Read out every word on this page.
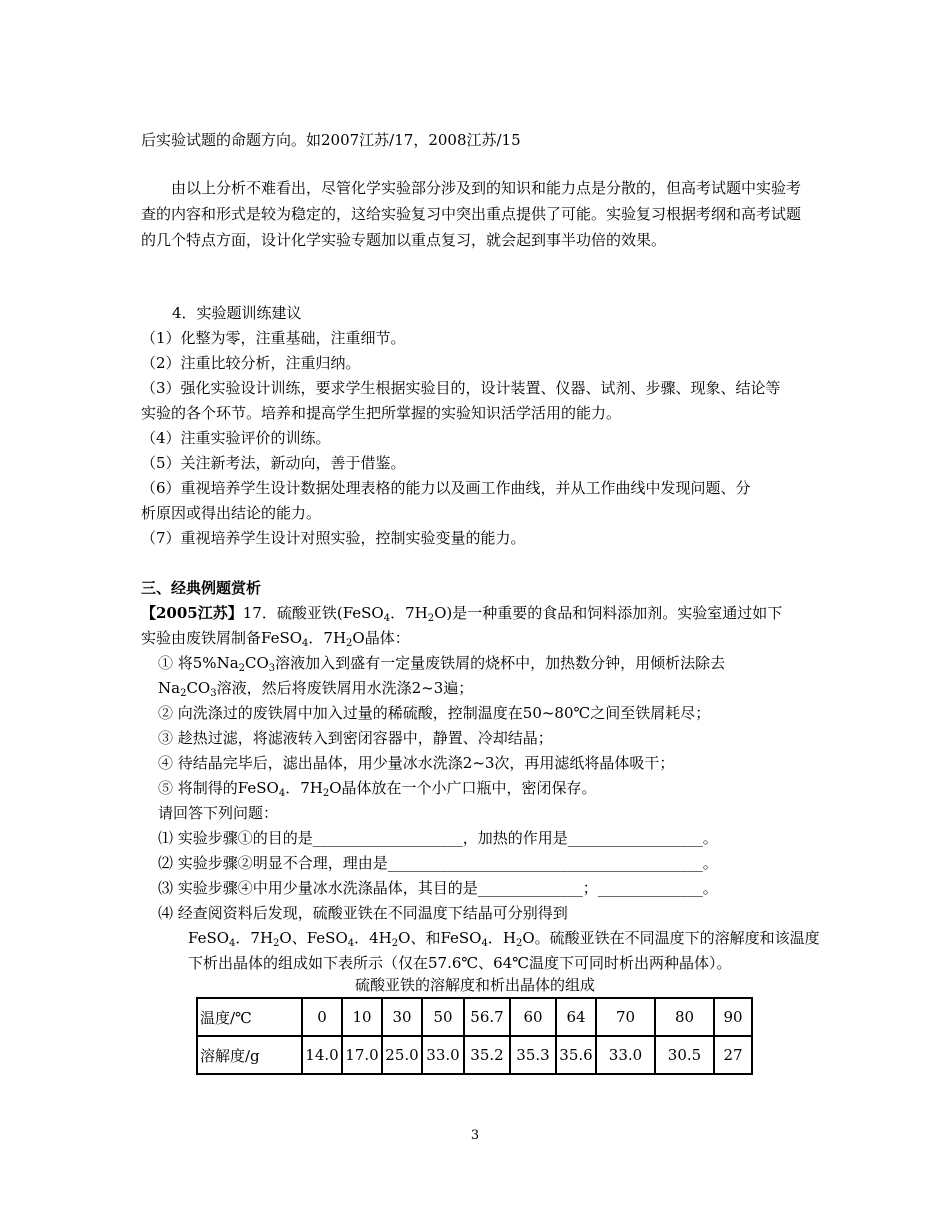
后实验试题的命题方向。如2007江苏/17，2008江苏/15
由以上分析不难看出，尽管化学实验部分涉及到的知识和能力点是分散的，但高考试题中实验考查的内容和形式是较为稳定的，这给实验复习中突出重点提供了可能。实验复习根据考纲和高考试题的几个特点方面，设计化学实验专题加以重点复习，就会起到事半功倍的效果。
4．实验题训练建议
（1）化整为零，注重基础，注重细节。
（2）注重比较分析，注重归纳。
（3）强化实验设计训练，要求学生根据实验目的，设计装置、仪器、试剂、步骤、现象、结论等
实验的各个环节。培养和提高学生把所掌握的实验知识活学活用的能力。
（4）注重实验评价的训练。
（5）关注新考法，新动向，善于借鉴。
（6）重视培养学生设计数据处理表格的能力以及画工作曲线，并从工作曲线中发现问题、分
析原因或得出结论的能力。
（7）重视培养学生设计对照实验，控制实验变量的能力。
三、经典例题赏析
【2005江苏】17．硫酸亚铁(FeSO$_4$．$7H_2O$)是一种重要的食品和饲料添加剂。实验室通过如下
实验由废铁屑制备FeSO$_4$．$7H_2O$晶体：
① 将$5\%Na_2CO_3$溶液加入到盛有一定量废铁屑的烧杯中，加热数分钟，用倾析法除去
$Na_2CO_3$溶液，然后将废铁屑用水洗涤2~3遍；
② 向洗涤过的废铁屑中加入过量的稀硫酸，控制温度在50~80℃之间至铁屑耗尽；
③ 趁热过滤，将滤液转入到密闭容器中，静置、冷却结晶；
④ 待结晶完毕后，滤出晶体，用少量冰水洗涤2~3次，再用滤纸将晶体吸干；
⑤ 将制得的FeSO$_4$．$7H_2O$晶体放在一个小广口瓶中，密闭保存。
请回答下列问题：
⑴ 实验步骤①的目的是____________________，加热的作用是__________________。
⑵ 实验步骤②明显不合理，理由是__________________________________________。
⑶ 实验步骤④中用少量冰水洗涤晶体，其目的是______________；______________。
⑷ 经查阅资料后发现，硫酸亚铁在不同温度下结晶可分别得到
FeSO$_4$．$7H_2O$、FeSO$_4$．$4H_2O$、和FeSO$_4$．$H_2O$。硫酸亚铁在不同温度下的溶解度和该温度
下析出晶体的组成如下表所示（仅在57.6℃、64℃温度下可同时析出两种晶体）。
硫酸亚铁的溶解度和析出晶体的组成
温度/℃	0	10	30	50	56.7	60	64	70	80	90
溶解度/g	14.0	17.0	25.0	33.0	35.2	35.3	35.6	33.0	30.5	27
3
